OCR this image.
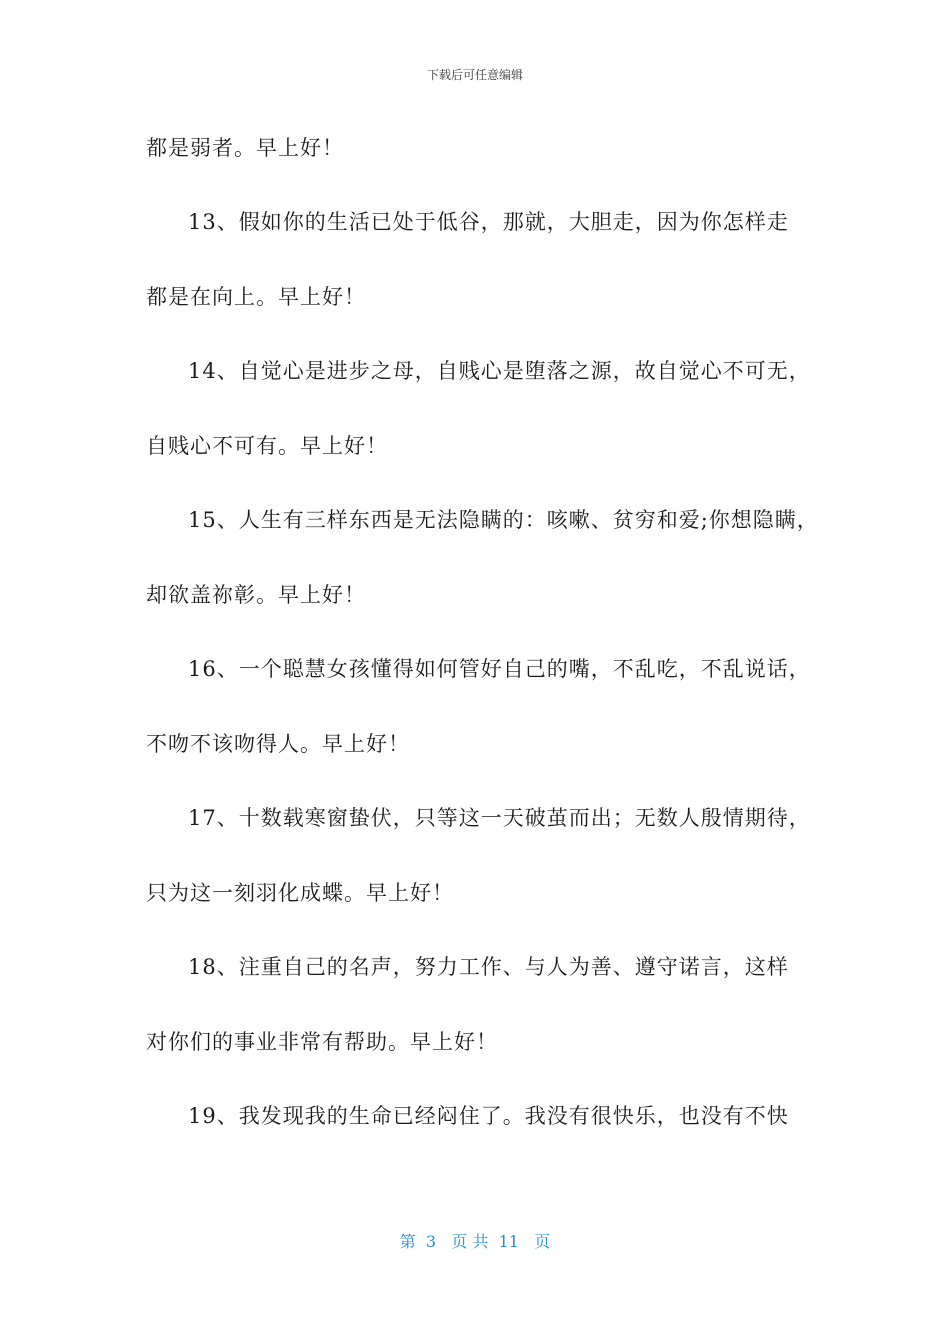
下载后可任意编辑
都是弱者。早上好！
13、假如你的生活已处于低谷，那就，大胆走，因为你怎样走
都是在向上。早上好！
14、自觉心是进步之母，自贱心是堕落之源，故自觉心不可无，
自贱心不可有。早上好！
15、人生有三样东西是无法隐瞒的：咳嗽、贫穷和爱;你想隐瞒，
却欲盖祢彰。早上好！
16、一个聪慧女孩懂得如何管好自己的嘴，不乱吃，不乱说话，
不吻不该吻得人。早上好！
17、十数载寒窗蛰伏，只等这一天破茧而出；无数人殷情期待，
只为这一刻羽化成蝶。早上好！
18、注重自己的名声，努力工作、与人为善、遵守诺言，这样
对你们的事业非常有帮助。早上好！
19、我发现我的生命已经闷住了。我没有很快乐，也没有不快
第  3   页 共  11   页
